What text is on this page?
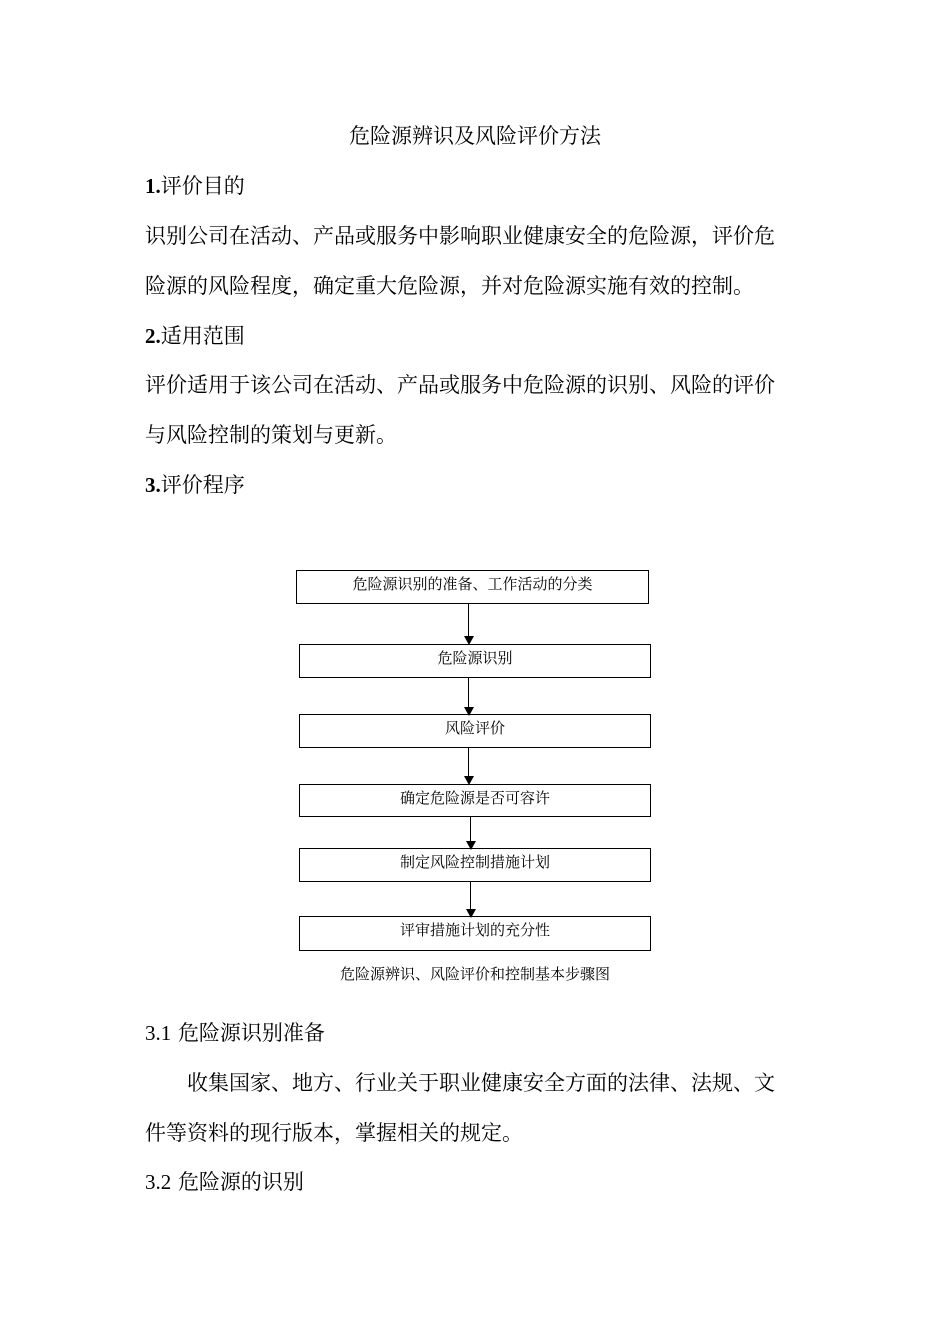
危险源辨识及风险评价方法
1.评价目的
识别公司在活动、产品或服务中影响职业健康安全的危险源，评价危
险源的风险程度，确定重大危险源，并对危险源实施有效的控制。
2.适用范围
评价适用于该公司在活动、产品或服务中危险源的识别、风险的评价
与风险控制的策划与更新。
3.评价程序
危险源识别的准备、工作活动的分类
危险源识别
风险评价
确定危险源是否可容许
制定风险控制措施计划
评审措施计划的充分性
危险源辨识、风险评价和控制基本步骤图
3.1 危险源识别准备
收集国家、地方、行业关于职业健康安全方面的法律、法规、文
件等资料的现行版本，掌握相关的规定。
3.2 危险源的识别
